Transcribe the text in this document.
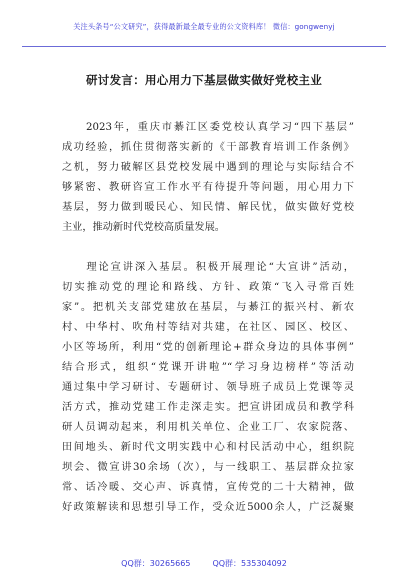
关注头条号“公文研究”，获得最新最全最专业的公文资料库！ 微信：gongwenyj
研讨发言：用心用力下基层做实做好党校主业
　　2023年，重庆市綦江区委党校认真学习“四下基层”
成功经验，抓住贯彻落实新的《干部教育培训工作条例》
之机，努力破解区县党校发展中遇到的理论与实际结合不
够紧密、教研咨宣工作水平有待提升等问题，用心用力下
基层，努力做到暖民心、知民情、解民忧，做实做好党校
主业，推动新时代党校高质量发展。
　　理论宣讲深入基层。积极开展理论“大宣讲”活动，
切实推动党的理论和路线、方针、政策“飞入寻常百姓
家”。把机关支部党建放在基层，与綦江的振兴村、新农
村、中华村、吹角村等结对共建，在社区、园区、校区、
小区等场所，利用“党的创新理论+群众身边的具体事例”
结合形式，组织“党课开讲啦”“学习身边榜样”等活动
通过集中学习研讨、专题研讨、领导班子成员上党课等灵
活方式，推动党建工作走深走实。把宣讲团成员和教学科
研人员调动起来，利用机关单位、企业工厂、农家院落、
田间地头、新时代文明实践中心和村民活动中心，组织院
坝会、微宣讲30余场（次），与一线职工、基层群众拉家
常、话冷暖、交心声、诉真情，宣传党的二十大精神，做
好政策解读和思想引导工作，受众近5000余人，广泛凝聚
QQ群：30265665	QQ群：535304092
